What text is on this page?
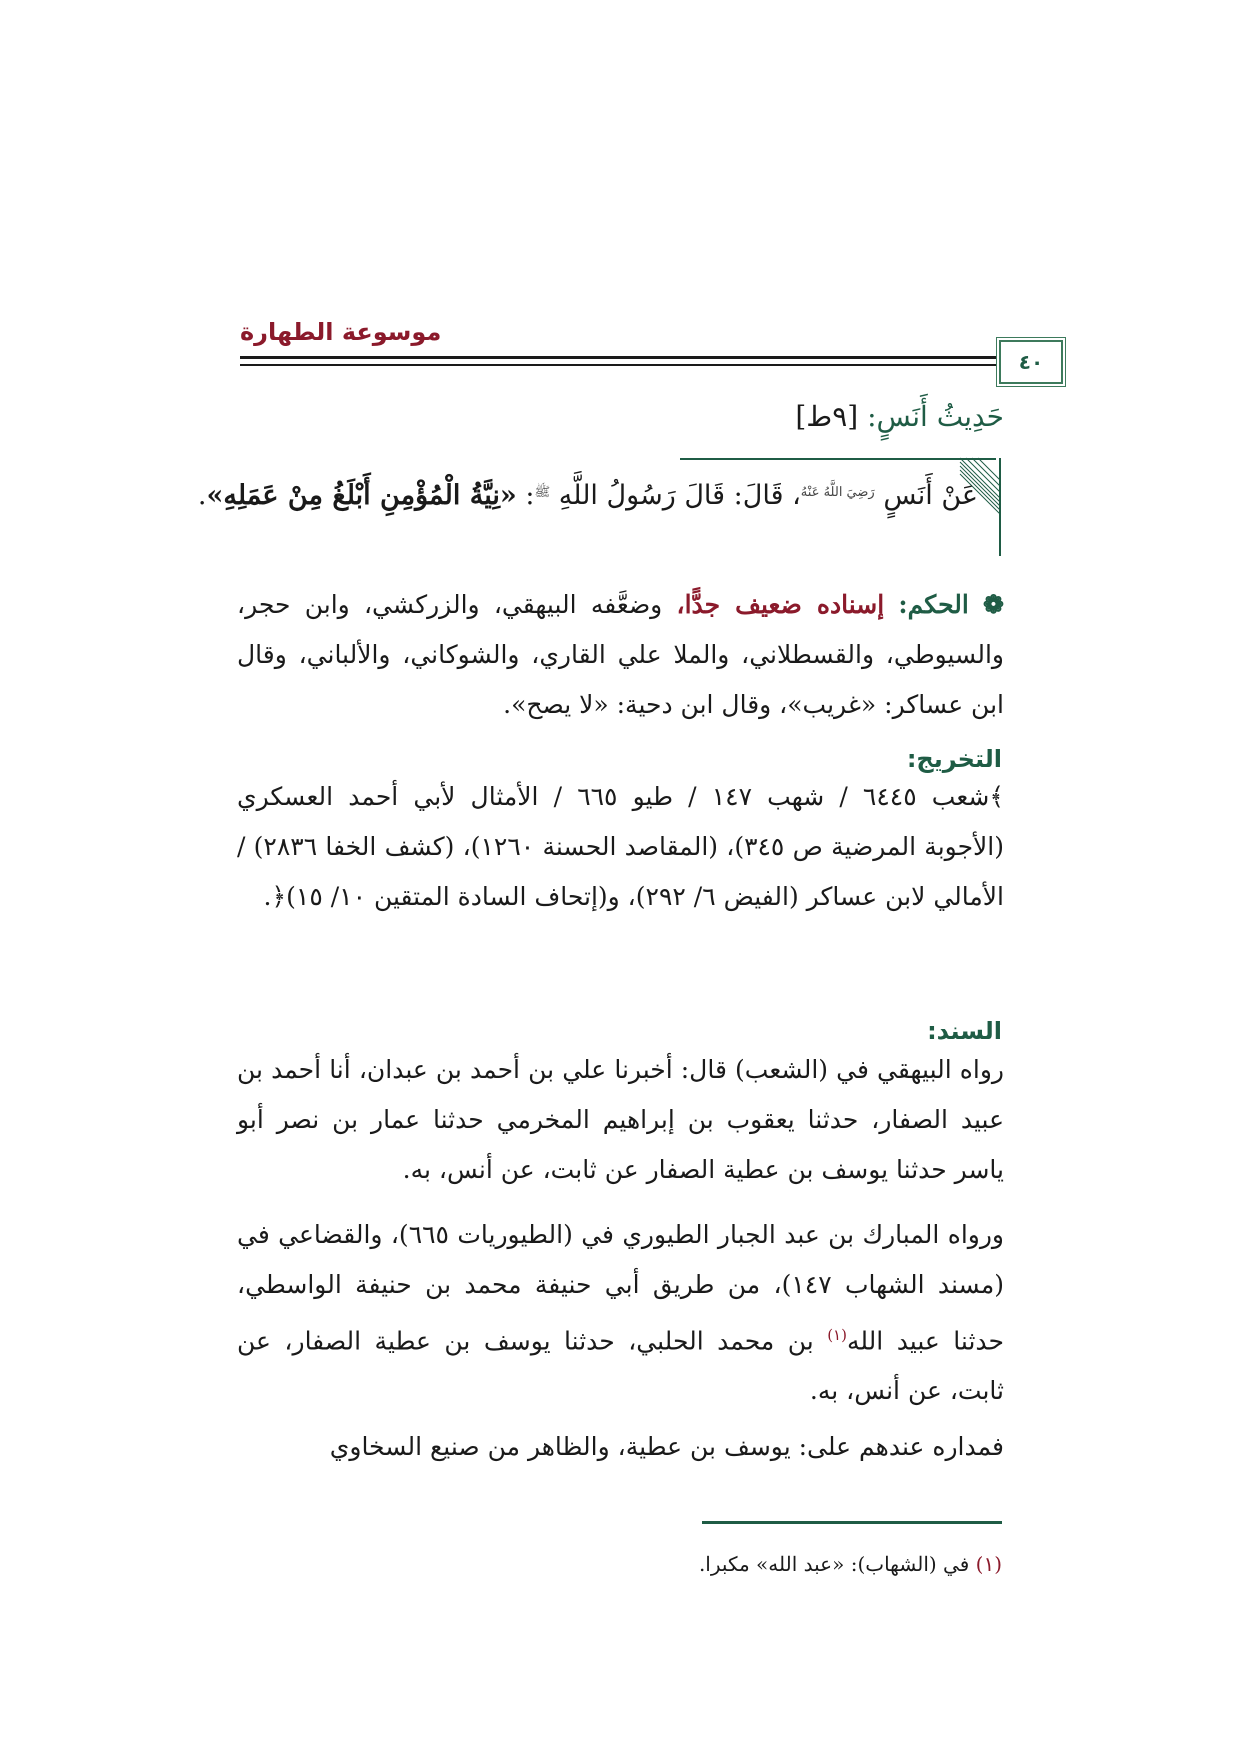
موسوعة الطهارة
٤٠
حَدِيثُ أَنَسٍ: [٩ط]
عَنْ أَنَسٍ $^{رَضِيَ اللَّهُ عَنْهُ}$، قَالَ: قَالَ رَسُولُ اللَّهِ $^ﷺ$: «نِيَّةُ الْمُؤْمِنِ أَبْلَغُ مِنْ عَمَلِهِ».
❁ الحكم: إسناده ضعيف جدًّا، وضعَّفه البيهقي، والزركشي، وابن حجر، والسيوطي، والقسطلاني، والملا علي القاري، والشوكاني، والألباني، وقال ابن عساكر: «غريب»، وقال ابن دحية: «لا يصح».
التخريج:
﴾شعب ٦٤٤٥ / شهب ١٤٧ / طيو ٦٦٥ / الأمثال لأبي أحمد العسكري (الأجوبة المرضية ص ٣٤٥)، (المقاصد الحسنة ١٢٦٠)، (كشف الخفا ٢٨٣٦) / الأمالي لابن عساكر (الفيض ٦/ ٢٩٢)، و(إتحاف السادة المتقين ١٠/ ١٥)﴿.
السند:
رواه البيهقي في (الشعب) قال: أخبرنا علي بن أحمد بن عبدان، أنا أحمد بن عبيد الصفار، حدثنا يعقوب بن إبراهيم المخرمي حدثنا عمار بن نصر أبو ياسر حدثنا يوسف بن عطية الصفار عن ثابت، عن أنس، به.
ورواه المبارك بن عبد الجبار الطيوري في (الطيوريات ٦٦٥)، والقضاعي في (مسند الشهاب ١٤٧)، من طريق أبي حنيفة محمد بن حنيفة الواسطي، حدثنا عبيد الله$^{(١)}$ بن محمد الحلبي، حدثنا يوسف بن عطية الصفار، عن ثابت، عن أنس، به.
فمداره عندهم على: يوسف بن عطية، والظاهر من صنيع السخاوي
(١) في (الشهاب): «عبد الله» مكبرا.
